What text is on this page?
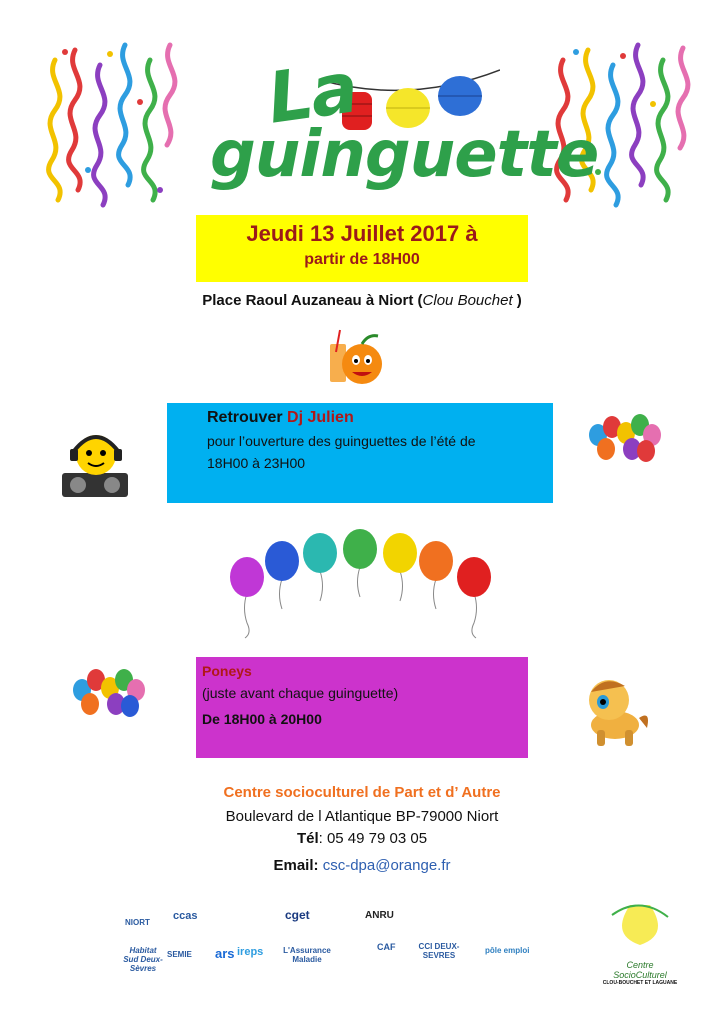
La
guinguette
Jeudi 13 Juillet 2017 à
partir de 18H00
Place Raoul Auzaneau à Niort (Clou Bouchet )
Retrouver Dj Julien
pour l’ouverture des guinguettes de l’été de
18H00 à 23H00
Poneys
(juste avant chaque guinguette)
De 18H00 à 20H00
Centre socioculturel de Part et d’ Autre
Boulevard de l Atlantique BP-79000 Niort
Tél: 05 49 79 03 05
Email: csc-dpa@orange.fr
NIORT
ccas	cget	ANRU
ars ireps	L'Assurance Maladie
CAF	CCI DEUX-SEVRES
pôle emploi
Habitat Sud Deux-Sèvres
SEMIE
Centre SocioCulturel
CLOU-BOUCHET ET LAGUANE
